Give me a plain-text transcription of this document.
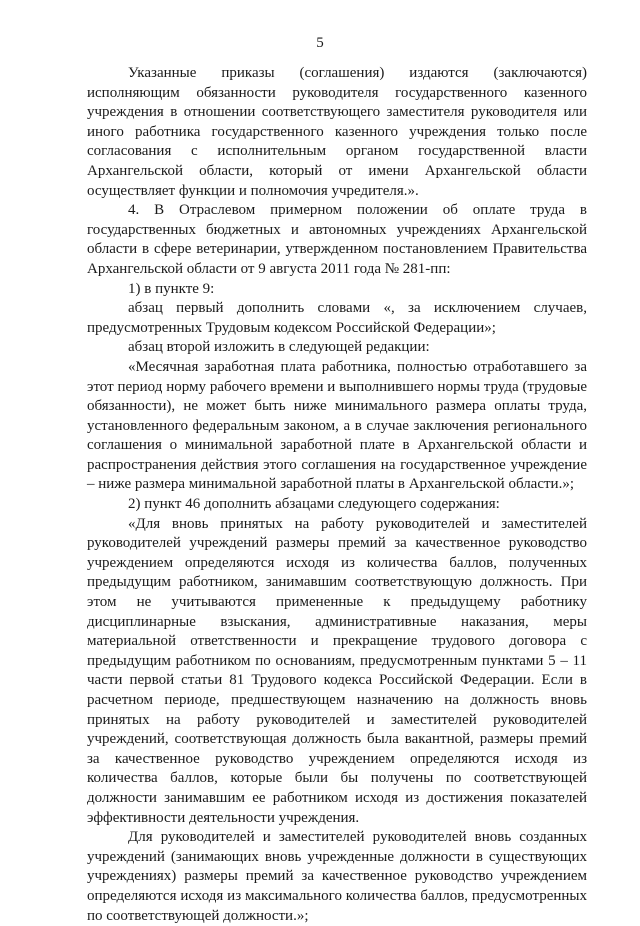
5

Указанные приказы (соглашения) издаются (заключаются) исполняющим обязанности руководителя государственного казенного учреждения в отношении соответствующего заместителя руководителя или иного работника государственного казенного учреждения только после согласования с исполнительным органом государственной власти Архангельской области, который от имени Архангельской области осуществляет функции и полномочия учредителя.».

4. В Отраслевом примерном положении об оплате труда в государственных бюджетных и автономных учреждениях Архангельской области в сфере ветеринарии, утвержденном постановлением Правительства Архангельской области от 9 августа 2011 года № 281-пп:

1) в пункте 9:

абзац первый дополнить словами «, за исключением случаев, предусмотренных Трудовым кодексом Российской Федерации»;

абзац второй изложить в следующей редакции:

«Месячная заработная плата работника, полностью отработавшего за этот период норму рабочего времени и выполнившего нормы труда (трудовые обязанности), не может быть ниже минимального размера оплаты труда, установленного федеральным законом, а в случае заключения регионального соглашения о минимальной заработной плате в Архангельской области и распространения действия этого соглашения на государственное учреждение – ниже размера минимальной заработной платы в Архангельской области.»;

2) пункт 46 дополнить абзацами следующего содержания:

«Для вновь принятых на работу руководителей и заместителей руководителей учреждений размеры премий за качественное руководство учреждением определяются исходя из количества баллов, полученных предыдущим работником, занимавшим соответствующую должность. При этом не учитываются примененные к предыдущему работнику дисциплинарные взыскания, административные наказания, меры материальной ответственности и прекращение трудового договора с предыдущим работником по основаниям, предусмотренным пунктами 5 – 11 части первой статьи 81 Трудового кодекса Российской Федерации. Если в расчетном периоде, предшествующем назначению на должность вновь принятых на работу руководителей и заместителей руководителей учреждений, соответствующая должность была вакантной, размеры премий за качественное руководство учреждением определяются исходя из количества баллов, которые были бы получены по соответствующей должности занимавшим ее работником исходя из достижения показателей эффективности деятельности учреждения.

Для руководителей и заместителей руководителей вновь созданных учреждений (занимающих вновь учрежденные должности в существующих учреждениях) размеры премий за качественное руководство учреждением определяются исходя из максимального количества баллов, предусмотренных по соответствующей должности.»;
